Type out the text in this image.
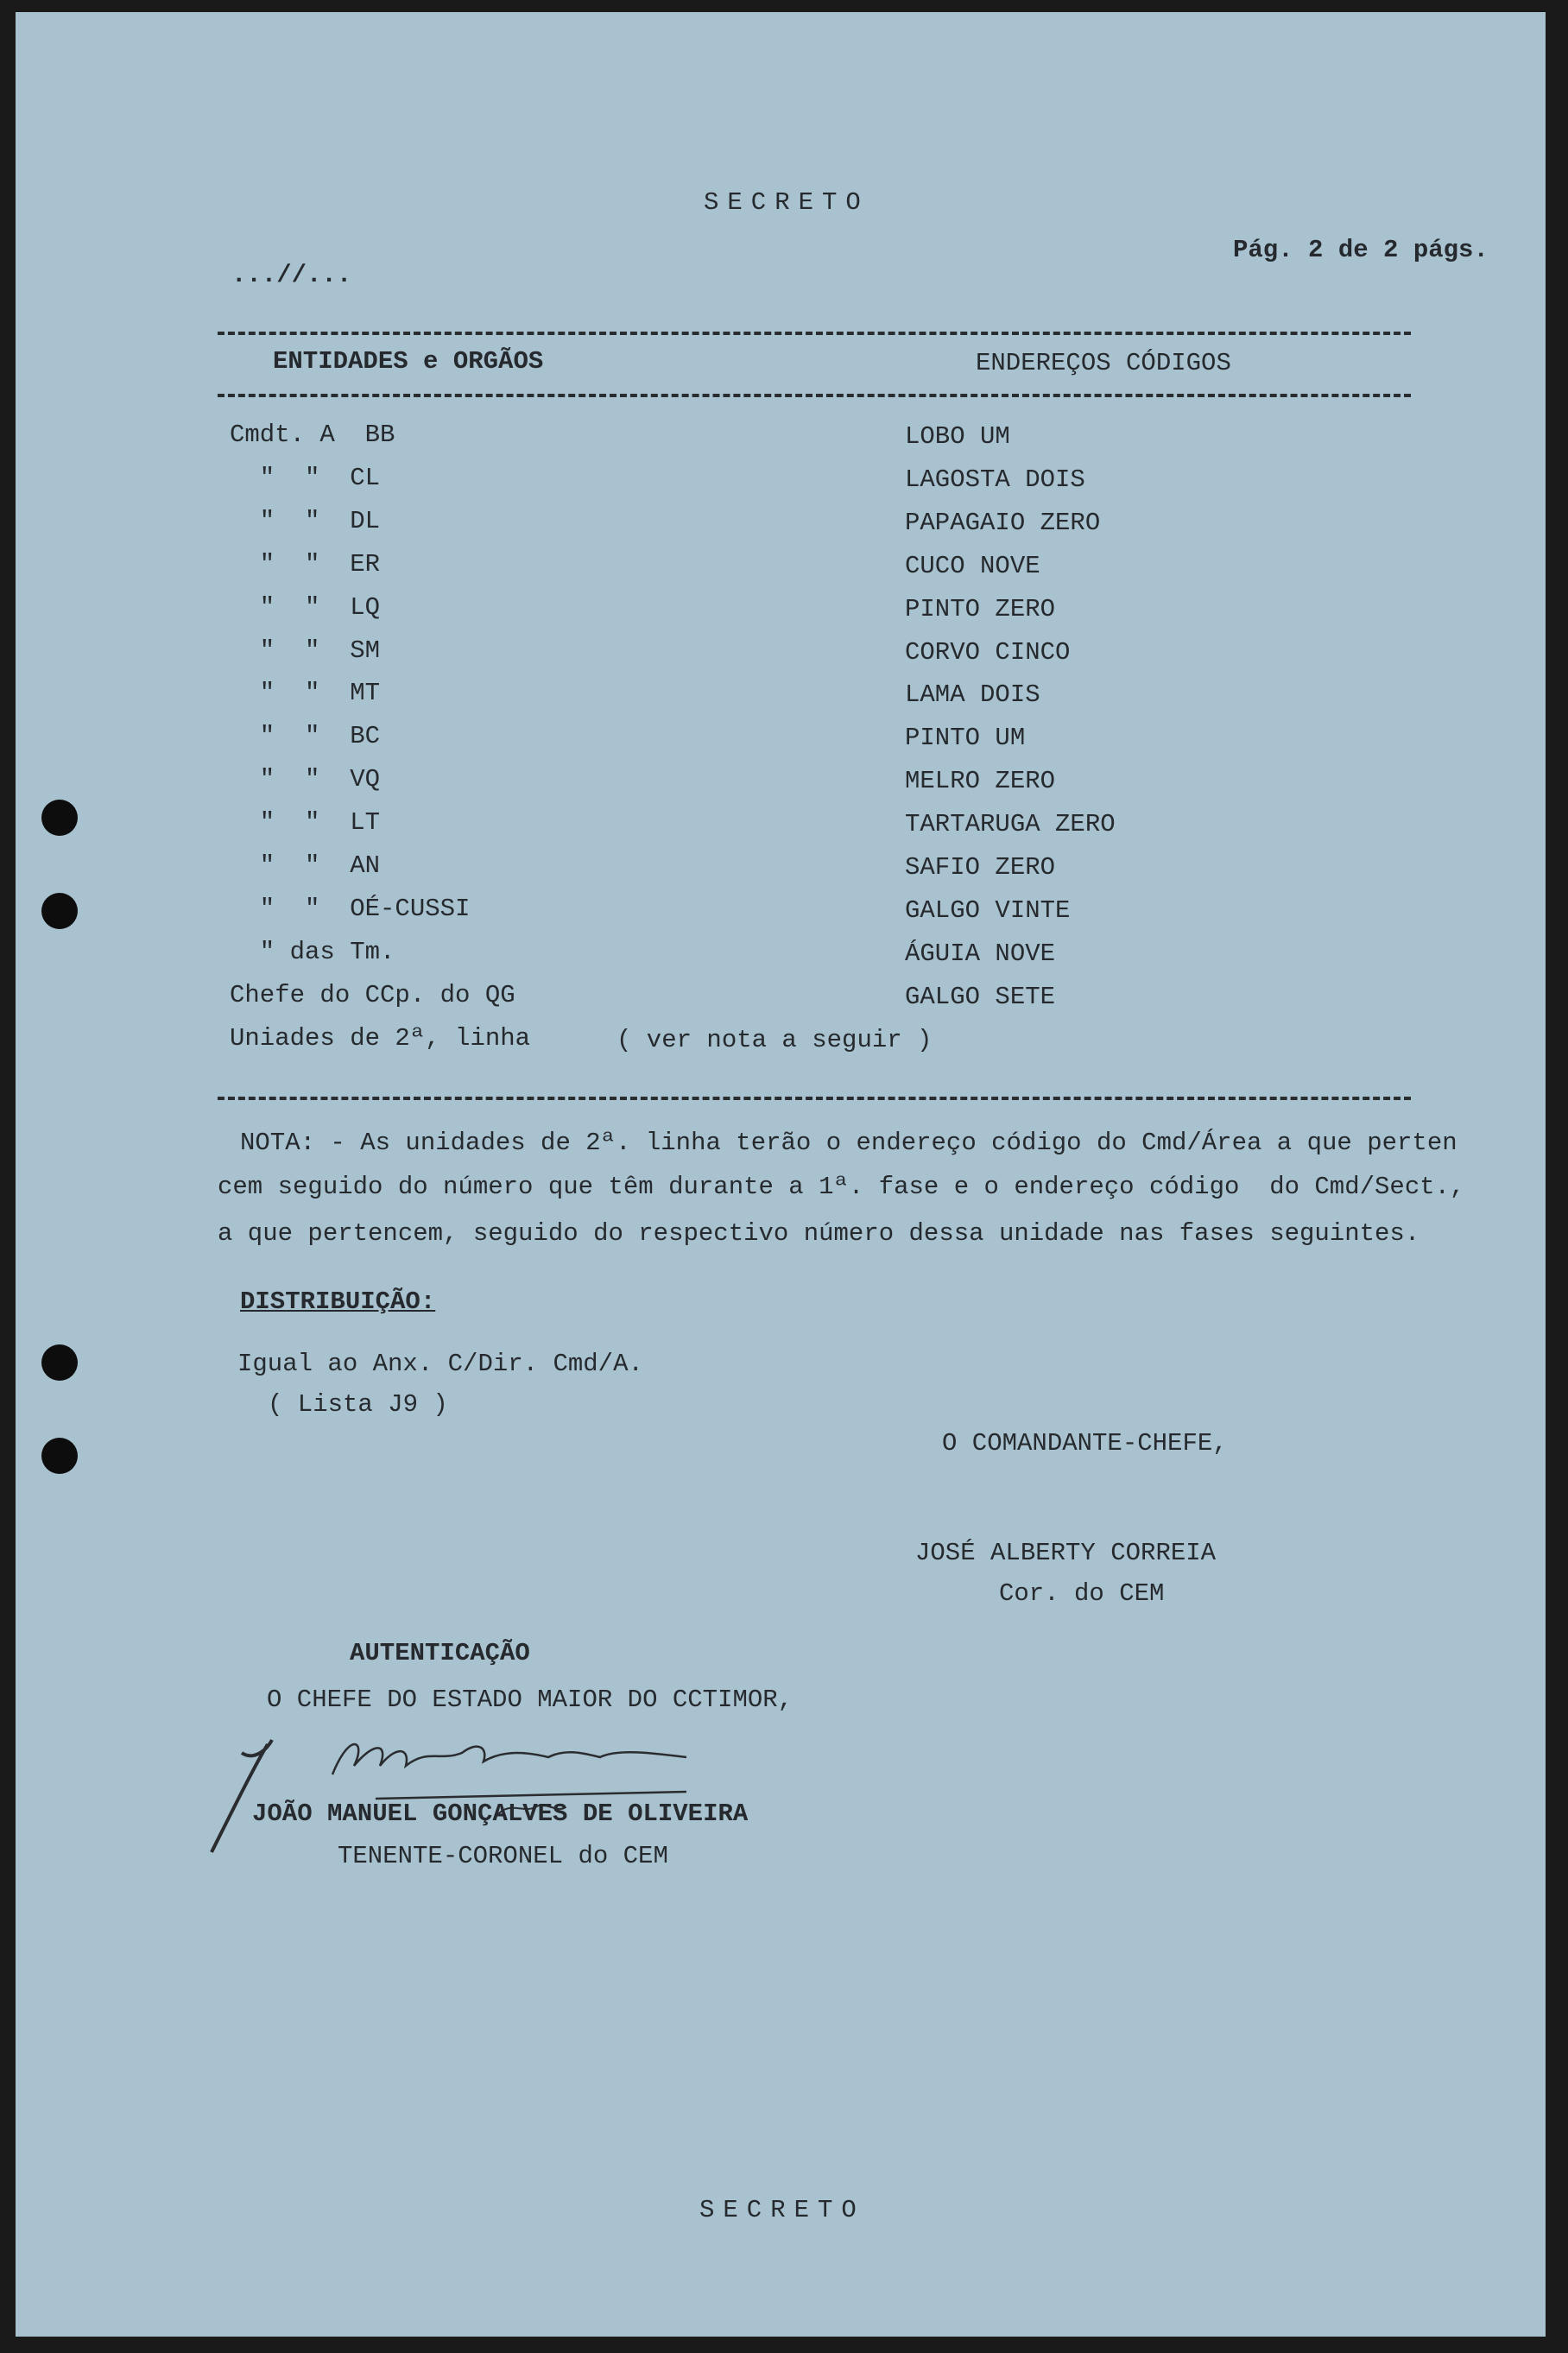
SECRETO
Pág. 2 de 2 págs.
...//...
ENTIDADES e ORGÃOS	ENDEREÇOS CÓDIGOS
Cmdt. A  BB	LOBO UM
"  "  CL	LAGOSTA DOIS
"  "  DL	PAPAGAIO ZERO
"  "  ER	CUCO NOVE
"  "  LQ	PINTO ZERO
"  "  SM	CORVO CINCO
"  "  MT	LAMA DOIS
"  "  BC	PINTO UM
"  "  VQ	MELRO ZERO
"  "  LT	TARTARUGA ZERO
"  "  AN	SAFIO ZERO
"  "  OÉ-CUSSI	GALGO VINTE
" das Tm.	ÁGUIA NOVE
Chefe do CCp. do QG	GALGO SETE
Uniades de 2ª, linha	( ver nota a seguir )
NOTA: - As unidades de 2ª. linha terão o endereço código do Cmd/Área a que perten
cem seguido do número que têm durante a 1ª. fase e o endereço código  do Cmd/Sect.,
a que pertencem, seguido do respectivo número dessa unidade nas fases seguintes.
DISTRIBUIÇÃO:
Igual ao Anx. C/Dir. Cmd/A.
( Lista J9 )
O COMANDANTE-CHEFE,
JOSÉ ALBERTY CORREIA
Cor. do CEM
AUTENTICAÇÃO
O CHEFE DO ESTADO MAIOR DO CCTIMOR,
JOÃO MANUEL GONÇALVES DE OLIVEIRA
TENENTE-CORONEL do CEM
SECRETO
